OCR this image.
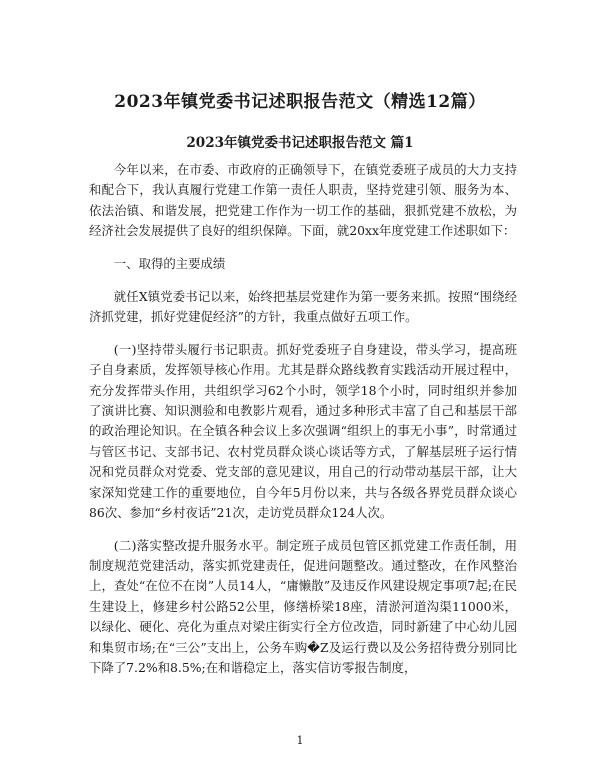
2023年镇党委书记述职报告范文（精选12篇）
2023年镇党委书记述职报告范文 篇1

今年以来，在市委、市政府的正确领导下，在镇党委班子成员的大力支持和配合下，我认真履行党建工作第一责任人职责，坚持党建引领、服务为本、依法治镇、和谐发展，把党建工作作为一切工作的基础，狠抓党建不放松，为经济社会发展提供了良好的组织保障。下面，就20xx年度党建工作述职如下：

一、取得的主要成绩

就任X镇党委书记以来，始终把基层党建作为第一要务来抓。按照“围绕经济抓党建，抓好党建促经济”的方针，我重点做好五项工作。

(一)坚持带头履行书记职责。抓好党委班子自身建设，带头学习，提高班子自身素质，发挥领导核心作用。尤其是群众路线教育实践活动开展过程中，充分发挥带头作用，共组织学习62个小时，领学18个小时，同时组织并参加了演讲比赛、知识测验和电教影片观看，通过多种形式丰富了自己和基层干部的政治理论知识。在全镇各种会议上多次强调“组织上的事无小事”，时常通过与管区书记、支部书记、农村党员群众谈心谈话等方式，了解基层班子运行情况和党员群众对党委、党支部的意见建议，用自己的行动带动基层干部，让大家深知党建工作的重要地位，自今年5月份以来，共与各级各界党员群众谈心86次、参加“乡村夜话”21次，走访党员群众124人次。

(二)落实整改提升服务水平。制定班子成员包管区抓党建工作责任制，用制度规范党建活动，落实抓党建责任，促进问题整改。通过整改，在作风整治上，查处“在位不在岗”人员14人，“庸懒散”及违反作风建设规定事项7起;在民生建设上，修建乡村公路52公里，修缮桥梁18座，清淤河道沟渠11000米，以绿化、硬化、亮化为重点对梁庄街实行全方位改造，同时新建了中心幼儿园和集贸市场;在“三公”支出上，公务车购�Z及运行费以及公务招待费分别同比下降了7.2%和8.5%;在和谐稳定上，落实信访零报告制度，

1
